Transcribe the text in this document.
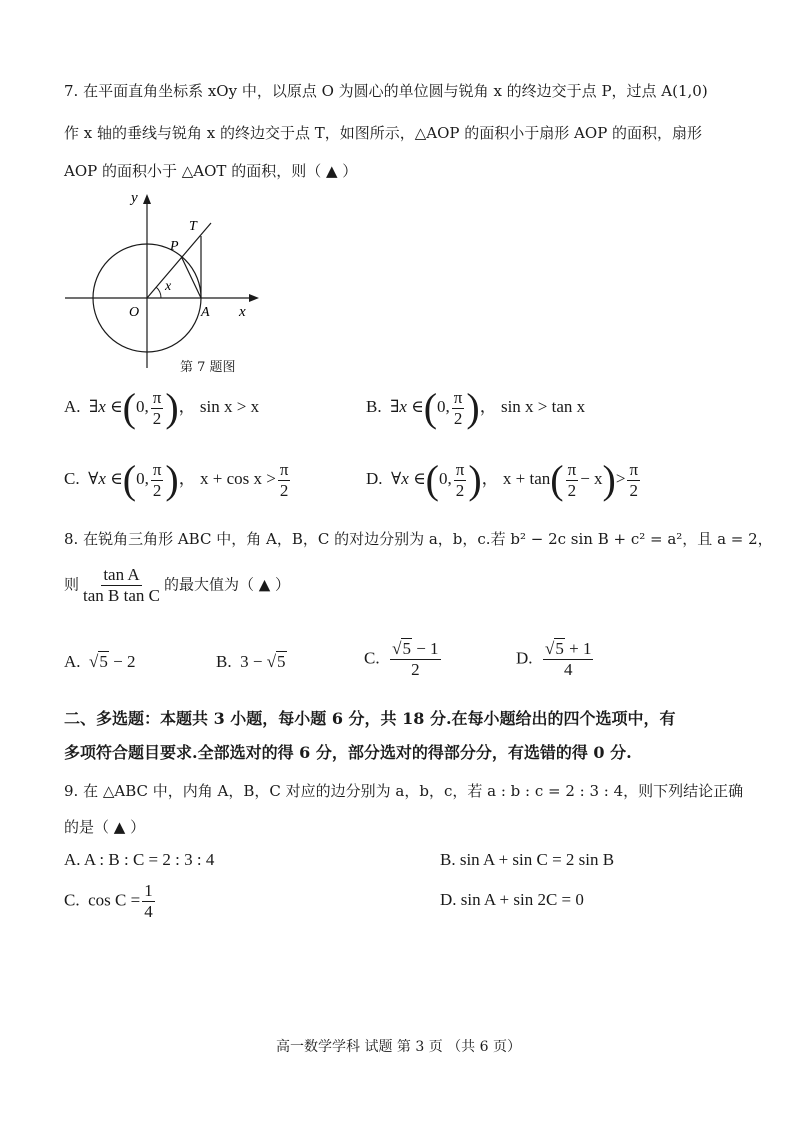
7. 在平面直角坐标系 xOy 中，以原点 O 为圆心的单位圆与锐角 x 的终边交于点 P，过点 A(1,0)
作 x 轴的垂线与锐角 x 的终边交于点 T，如图所示，△AOP 的面积小于扇形 AOP 的面积，扇形
AOP 的面积小于 △AOT 的面积，则（ ▲ ）
y
x
T
P
x
O	A
第 7 题图
A. ∃x ∈(0, $\frac{\pi}{2}$ )， sin x > x	B. ∃x ∈(0, $\frac{\pi}{2}$ )， sin x > tan x
C. ∀x ∈(0, $\frac{\pi}{2}$ )， $x + \cos x > \frac{\pi}{2}$	D. ∀x ∈(0, $\frac{\pi}{2}$ )， $x + \tan( \frac{\pi}{2} - x)> \frac{\pi}{2}$
8. 在锐角三角形 ABC 中，角 A，B，C 的对边分别为 a，b，c.若 b² − 2c sin B + c² = a²，且 a = 2，
则 $\frac{\text{tan A}}{\text{tan B tan C}}$ 的最大值为（ ▲ ）
A. √5 − 2	B. 3 − √5	C. $\frac{√5 - 1}{2}$	D. $\frac{√5 + 1}{4}$
二、多选题：本题共 3 小题，每小题 6 分，共 18 分.在每小题给出的四个选项中，有
多项符合题目要求.全部选对的得 6 分，部分选对的得部分分，有选错的得 0 分.
9. 在 △ABC 中，内角 A，B，C 对应的边分别为 a，b，c，若 a : b : c = 2 : 3 : 4，则下列结论正确
的是（ ▲ ）
A. A : B : C = 2 : 3 : 4	B. sin A + sin C = 2 sin B
C. $\cos C = \frac{1}{4}$	D. sin A + sin 2C = 0
高一数学学科 试题 第 3 页 （共 6 页）
